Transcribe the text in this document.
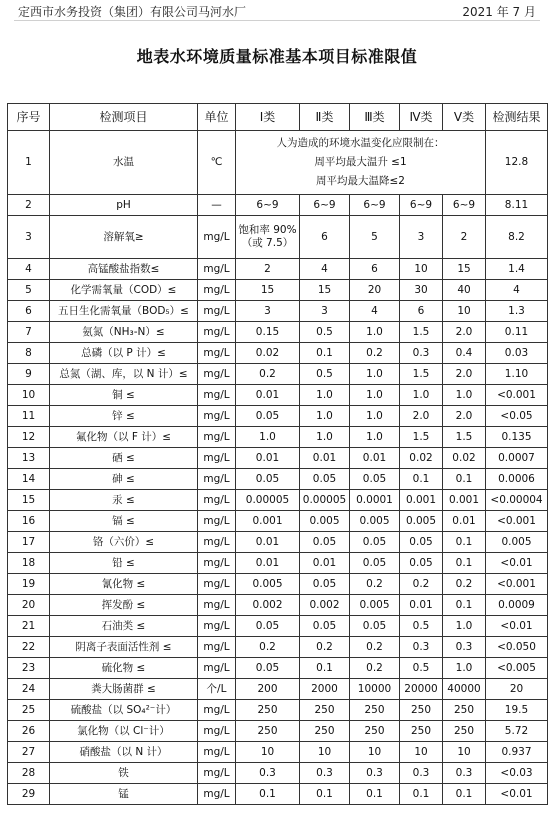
定西市水务投资（集团）有限公司马河水厂	2021 年 7 月
地表水环境质量标准基本项目标准限值
序号	检测项目	单位	Ⅰ类	Ⅱ类	Ⅲ类	Ⅳ类	Ⅴ类	检测结果
1	水温	℃	人为造成的环境水温变化应限制在：
周平均最大温升 ≤1
周平均最大温降≤2					12.8
2	pH	—	6~9	6~9	6~9	6~9	6~9	8.11
3	溶解氧≥	mg/L	饱和率 90%
（或 7.5）	6	5	3	2	8.2
4	高锰酸盐指数≤	mg/L	2	4	6	10	15	1.4
5	化学需氧量（COD）≤	mg/L	15	15	20	30	40	4
6	五日生化需氧量（BOD₅）≤	mg/L	3	3	4	6	10	1.3
7	氨氮（NH₃-N）≤	mg/L	0.15	0.5	1.0	1.5	2.0	0.11
8	总磷（以 P 计）≤	mg/L	0.02	0.1	0.2	0.3	0.4	0.03
9	总氮（湖、库，以 N 计）≤	mg/L	0.2	0.5	1.0	1.5	2.0	1.10
10	铜 ≤	mg/L	0.01	1.0	1.0	1.0	1.0	<0.001
11	锌 ≤	mg/L	0.05	1.0	1.0	2.0	2.0	<0.05
12	氟化物（以 F 计）≤	mg/L	1.0	1.0	1.0	1.5	1.5	0.135
13	硒 ≤	mg/L	0.01	0.01	0.01	0.02	0.02	0.0007
14	砷 ≤	mg/L	0.05	0.05	0.05	0.1	0.1	0.0006
15	汞 ≤	mg/L	0.00005	0.00005	0.0001	0.001	0.001	<0.00004
16	镉 ≤	mg/L	0.001	0.005	0.005	0.005	0.01	<0.001
17	铬（六价）≤	mg/L	0.01	0.05	0.05	0.05	0.1	0.005
18	铅 ≤	mg/L	0.01	0.01	0.05	0.05	0.1	<0.01
19	氰化物 ≤	mg/L	0.005	0.05	0.2	0.2	0.2	<0.001
20	挥发酚 ≤	mg/L	0.002	0.002	0.005	0.01	0.1	0.0009
21	石油类 ≤	mg/L	0.05	0.05	0.05	0.5	1.0	<0.01
22	阴离子表面活性剂 ≤	mg/L	0.2	0.2	0.2	0.3	0.3	<0.050
23	硫化物 ≤	mg/L	0.05	0.1	0.2	0.5	1.0	<0.005
24	粪大肠菌群 ≤	个/L	200	2000	10000	20000	40000	20
25	硫酸盐（以 SO₄²⁻计）	mg/L	250	250	250	250	250	19.5
26	氯化物（以 Cl⁻计）	mg/L	250	250	250	250	250	5.72
27	硝酸盐（以 N 计）	mg/L	10	10	10	10	10	0.937
28	铁	mg/L	0.3	0.3	0.3	0.3	0.3	<0.03
29	锰	mg/L	0.1	0.1	0.1	0.1	0.1	<0.01
